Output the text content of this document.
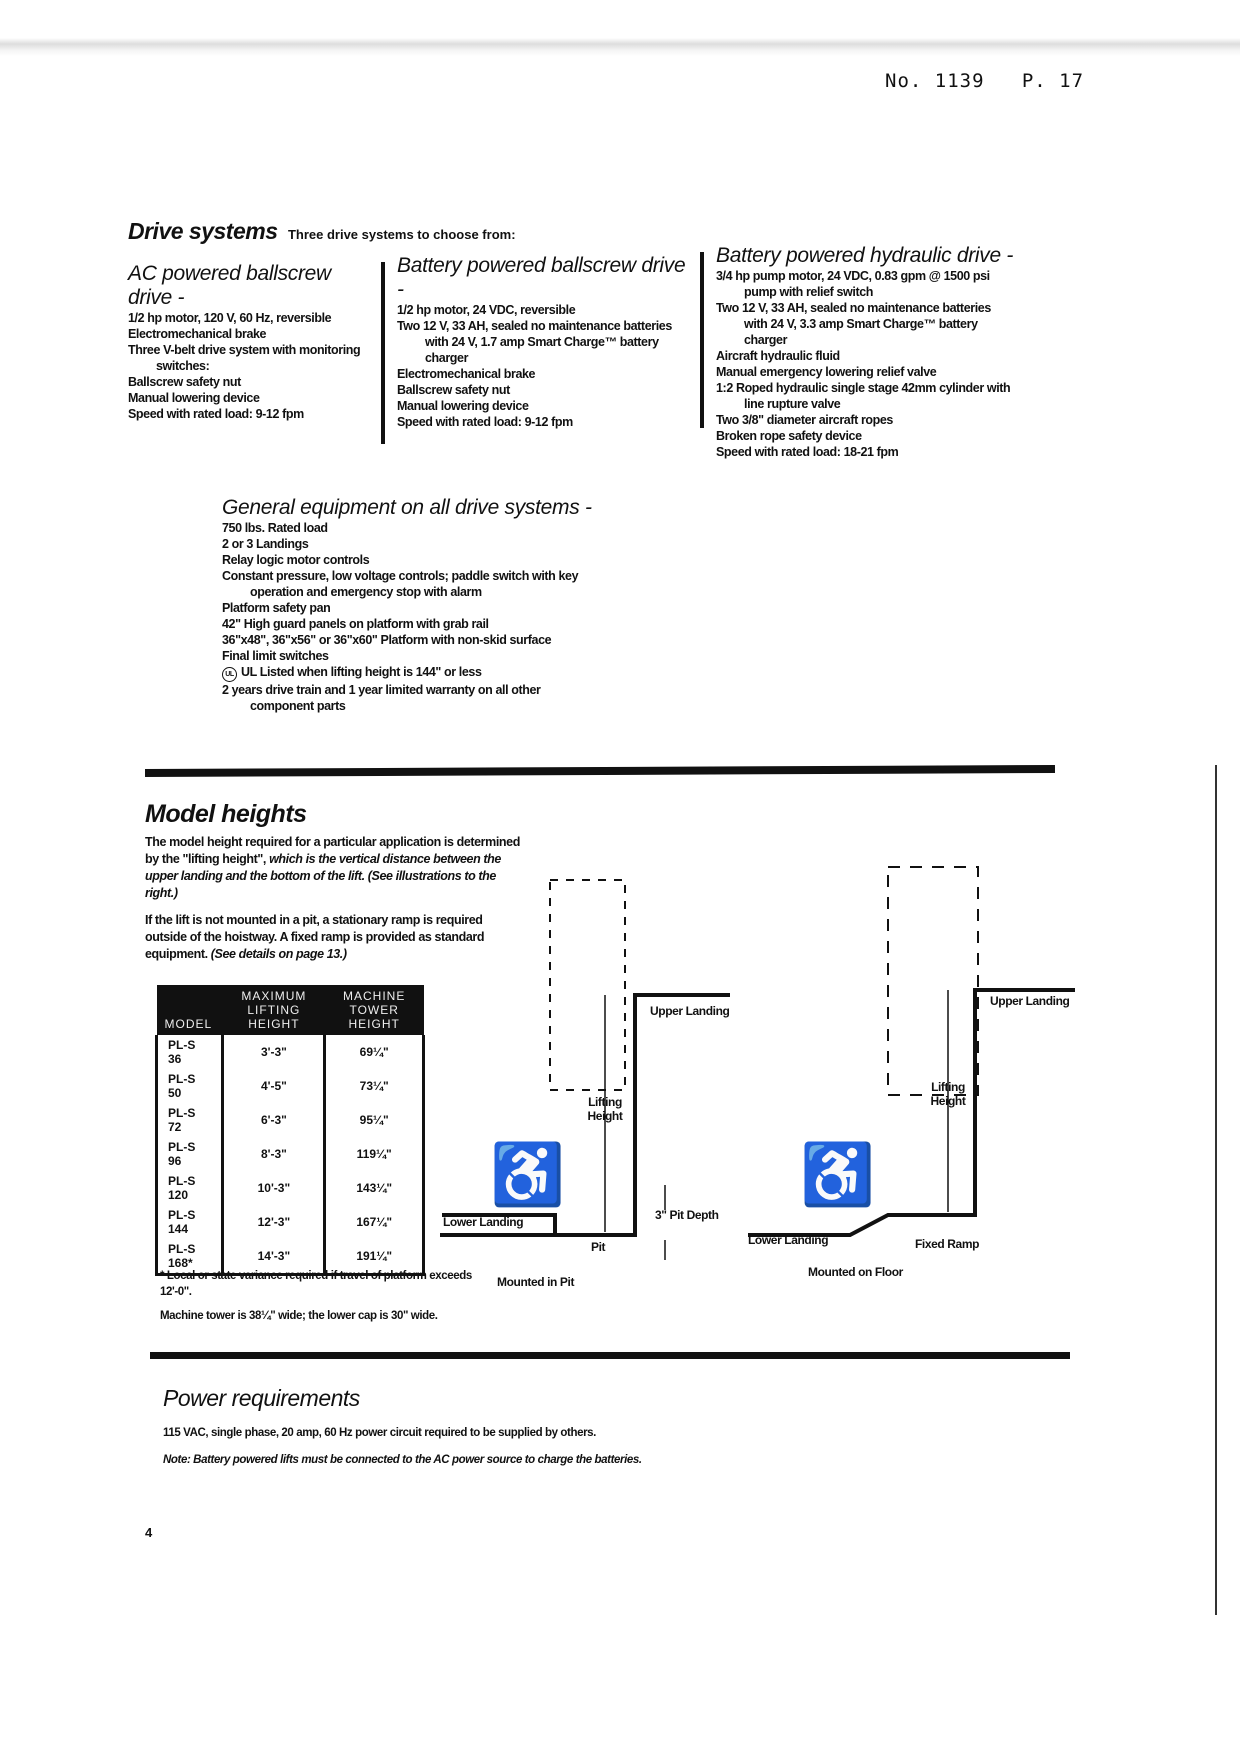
No. 1139 P. 17
Drive systems Three drive systems to choose from:
AC powered ballscrew drive -
1/2 hp motor, 120 V, 60 Hz, reversible
Electromechanical brake
Three V-belt drive system with monitoring
switches:
Ballscrew safety nut
Manual lowering device
Speed with rated load: 9-12 fpm
Battery powered ballscrew drive -
1/2 hp motor, 24 VDC, reversible
Two 12 V, 33 AH, sealed no maintenance batteries
with 24 V, 1.7 amp Smart Charge™ battery
charger
Electromechanical brake
Ballscrew safety nut
Manual lowering device
Speed with rated load: 9-12 fpm
Battery powered hydraulic drive -
3/4 hp pump motor, 24 VDC, 0.83 gpm @ 1500 psi
pump with relief switch
Two 12 V, 33 AH, sealed no maintenance batteries
with 24 V, 3.3 amp Smart Charge™ battery
charger
Aircraft hydraulic fluid
Manual emergency lowering relief valve
1:2 Roped hydraulic single stage 42mm cylinder with
line rupture valve
Two 3/8" diameter aircraft ropes
Broken rope safety device
Speed with rated load: 18-21 fpm
General equipment on all drive systems -
750 lbs. Rated load
2 or 3 Landings
Relay logic motor controls
Constant pressure, low voltage controls; paddle switch with key
operation and emergency stop with alarm
Platform safety pan
42" High guard panels on platform with grab rail
36"x48", 36"x56" or 36"x60" Platform with non-skid surface
Final limit switches
UL UL Listed when lifting height is 144" or less
2 years drive train and 1 year limited warranty on all other
component parts
Model heights

The model height required for a particular application is determined by the "lifting height", which is the vertical distance between the upper landing and the bottom of the lift. (See illustrations to the right.)

If the lift is not mounted in a pit, a stationary ramp is required outside of the hoistway. A fixed ramp is provided as standard equipment. (See details on page 13.)

MODEL	MAXIMUM LIFTING HEIGHT	MACHINE TOWER HEIGHT
PL-S 36	3'-3"	69¼"
PL-S 50	4'-5"	73¼"
PL-S 72	6'-3"	95¼"
PL-S 96	8'-3"	119¼"
PL-S 120	10'-3"	143¼"
PL-S 144	12'-3"	167¼"
PL-S 168*	14'-3"	191¼"
* Local or state variance required if travel of platform exceeds 12'-0".
Machine tower is 38¼" wide; the lower cap is 30" wide.
♿
Upper Landing
Lifting Height
Lower Landing
Pit
3" Pit Depth
Mounted in Pit
♿
Upper Landing
Lifting Height
Lower Landing	Fixed Ramp
Mounted on Floor
Power requirements
115 VAC, single phase, 20 amp, 60 Hz power circuit required to be supplied by others.
Note: Battery powered lifts must be connected to the AC power source to charge the batteries.
4
